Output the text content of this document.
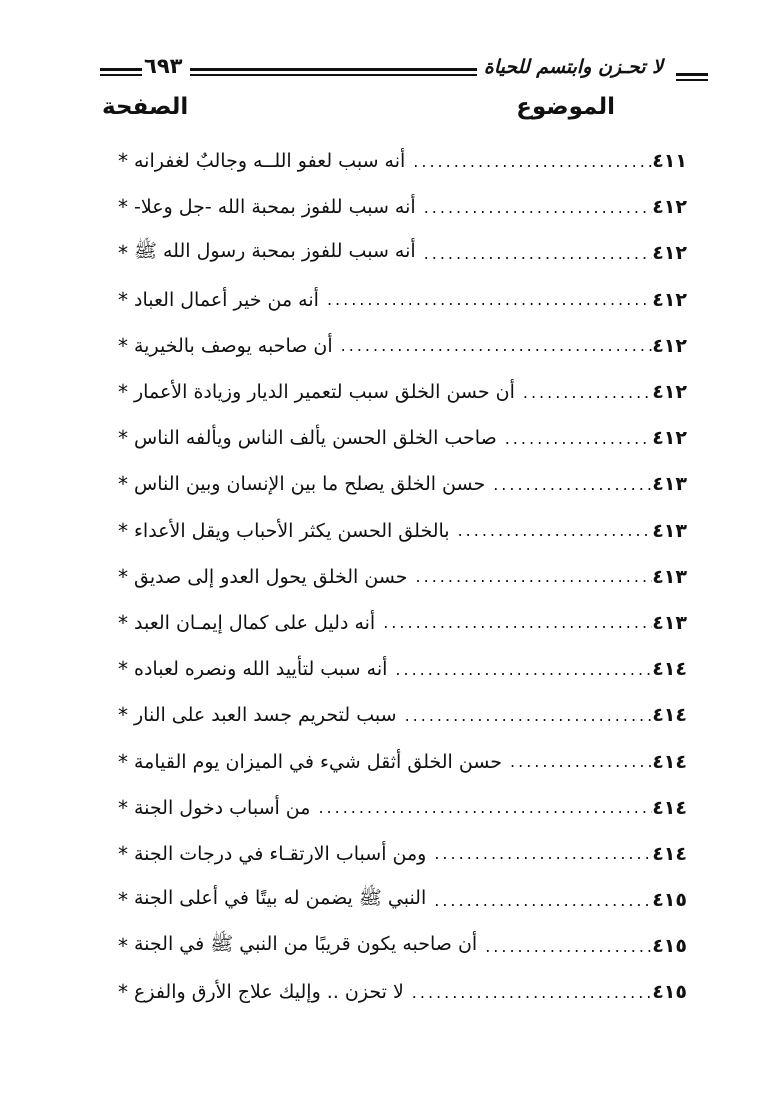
لا تحـزن وابتسم للحياة
٦٩٣
الموضوع
الصفحة
* أنه سبب لعفو اللــه وجالبٌ لغفرانه .....	٤١١
* أنه سبب للفوز بمحبة الله -جل وعلا- .....	٤١٢
* أنه سبب للفوز بمحبة رسول الله ﷺ .....	٤١٢
* أنه من خير أعمال العباد .....	٤١٢
* أن صاحبه يوصف بالخيرية .....	٤١٢
* أن حسن الخلق سبب لتعمير الديار وزيادة الأعمار .....	٤١٢
* صاحب الخلق الحسن يألف الناس ويألفه الناس .....	٤١٢
* حسن الخلق يصلح ما بين الإنسان وبين الناس .....	٤١٣
* بالخلق الحسن يكثر الأحباب ويقل الأعداء .....	٤١٣
* حسن الخلق يحول العدو إلى صديق .....	٤١٣
* أنه دليل على كمال إيمـان العبد .....	٤١٣
* أنه سبب لتأييد الله ونصره لعباده .....	٤١٤
* سبب لتحريم جسد العبد على النار .....	٤١٤
* حسن الخلق أثقل شيء في الميزان يوم القيامة .....	٤١٤
* من أسباب دخول الجنة .....	٤١٤
* ومن أسباب الارتقـاء في درجات الجنة .....	٤١٤
* النبي ﷺ يضمن له بيتًا في أعلى الجنة .....	٤١٥
* أن صاحبه يكون قريبًا من النبي ﷺ في الجنة .....	٤١٥
* لا تحزن .. وإليك علاج الأرق والفزع .....	٤١٥
